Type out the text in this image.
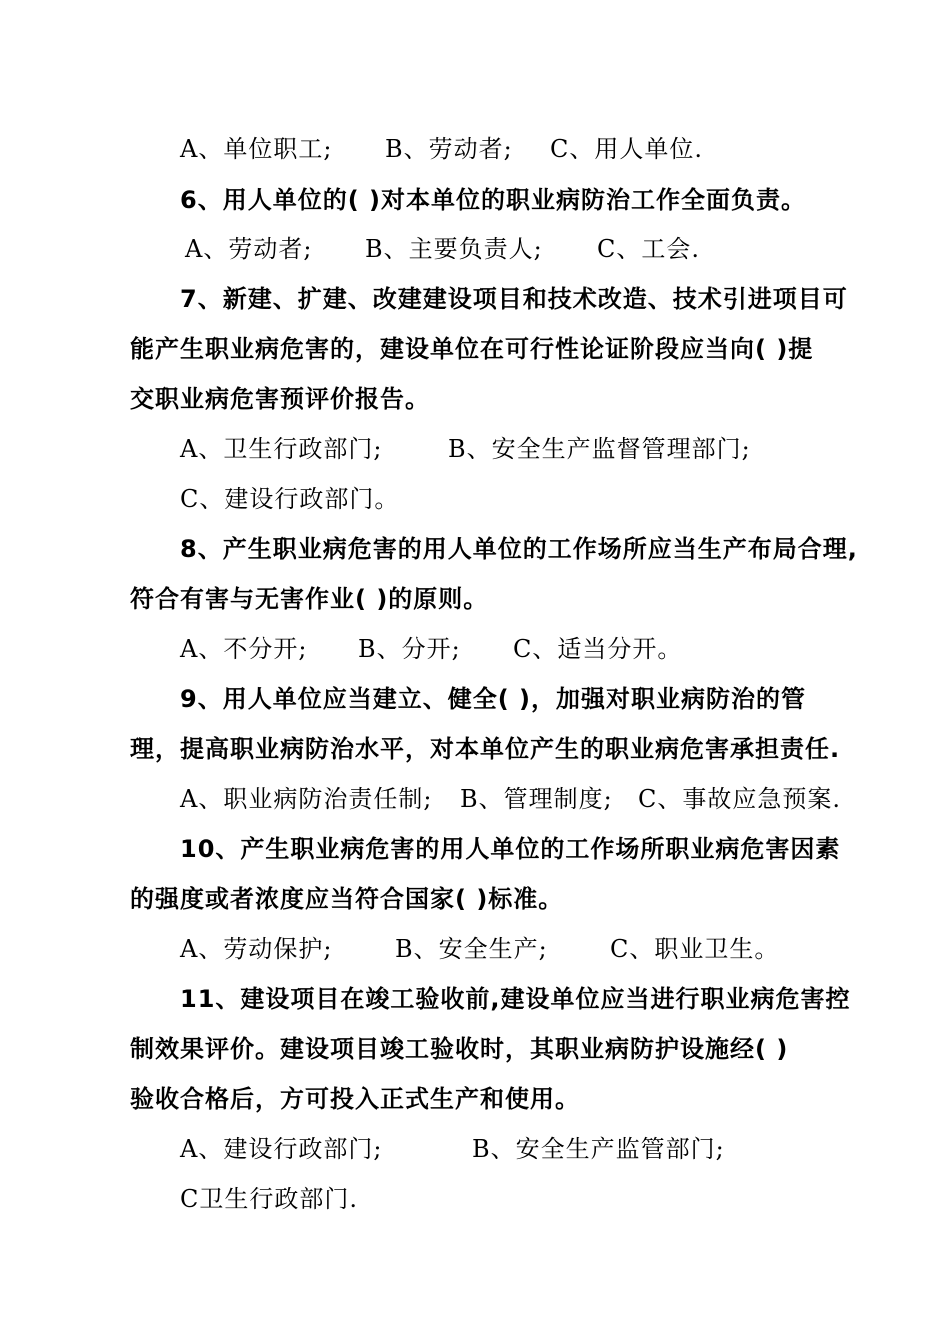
A、单位职工; B、劳动者; C、用人单位.
6、用人单位的( )对本单位的职业病防治工作全面负责。
A、劳动者; B、主要负责人; C、工会.
7、新建、扩建、改建建设项目和技术改造、技术引进项目可
能产生职业病危害的，建设单位在可行性论证阶段应当向( )提
交职业病危害预评价报告。
A、卫生行政部门;	B、安全生产监督管理部门;
C、建设行政部门。
8、产生职业病危害的用人单位的工作场所应当生产布局合理,
符合有害与无害作业( )的原则。
A、不分开; B、分开; C、适当分开。
9、用人单位应当建立、健全( )，加强对职业病防治的管
理，提高职业病防治水平，对本单位产生的职业病危害承担责任.
A、职业病防治责任制; B、管理制度; C、事故应急预案.
10、产生职业病危害的用人单位的工作场所职业病危害因素
的强度或者浓度应当符合国家( )标准。
A、劳动保护;	B、安全生产;	C、职业卫生。
11、建设项目在竣工验收前,建设单位应当进行职业病危害控
制效果评价。建设项目竣工验收时，其职业病防护设施经( )
验收合格后，方可投入正式生产和使用。
A、建设行政部门;	B、安全生产监管部门;
C卫生行政部门.
